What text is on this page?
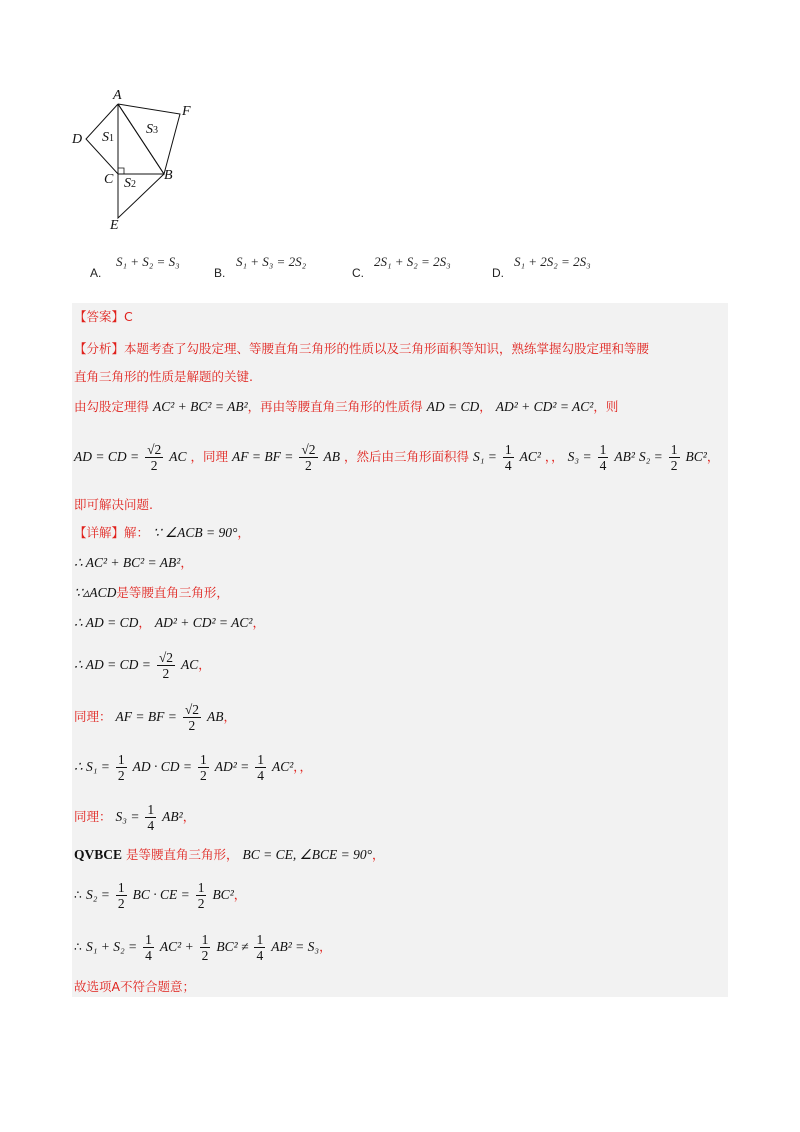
A
D
F
C	B
E
S1
S2
S3
A.
S₁ + S₂ = S₃
B.
S₁ + S₃ = 2S₂
C.
2S₁ + S₂ = 2S₃
D.
S₁ + 2S₂ = 2S₃
【答案】C
【分析】本题考查了勾股定理、等腰直角三角形的性质以及三角形面积等知识，熟练掌握勾股定理和等腰
直角三角形的性质是解题的关键.
由勾股定理得 AC² + BC² = AB²，再由等腰直角三角形的性质得 AD = CD， AD² + CD² = AC²，则
AD = CD = $\frac{√2}{2}$ AC ，同理 AF = BF = $\frac{√2}{2}$ AB ，然后由三角形面积得 $S_1 = \frac{1}{4} AC^2$ ，， $S_3 = \frac{1}{4} AB^2$ $S_2 = \frac{1}{2} BC^2$，
即可解决问题.
【详解】解： ∵ ∠ACB = 90°，
∴ AC² + BC² = AB²，
∵▵ACD是等腰直角三角形，
∴ AD = CD， AD² + CD² = AC²，
∴ AD = CD = $\frac{√2}{2}$ AC，
同理： AF = BF = $\frac{√2}{2}$ AB，
∴ $S_1 = \frac{1}{2}$ AD · CD = $\frac{1}{2} AD^2 = \frac{1}{4} AC^2$，，
同理： $S_3 = \frac{1}{4} AB^2$，
QVBCE 是等腰直角三角形， BC = CE, ∠BCE = 90°，
∴ $S_2 = \frac{1}{2}$ BC · CE = $\frac{1}{2} BC^2$，
∴ $S_1 + S_2 = \frac{1}{4} AC^2 + \frac{1}{2} BC^2 \ne \frac{1}{4} AB^2 = S_3$，
故选项A不符合题意；
